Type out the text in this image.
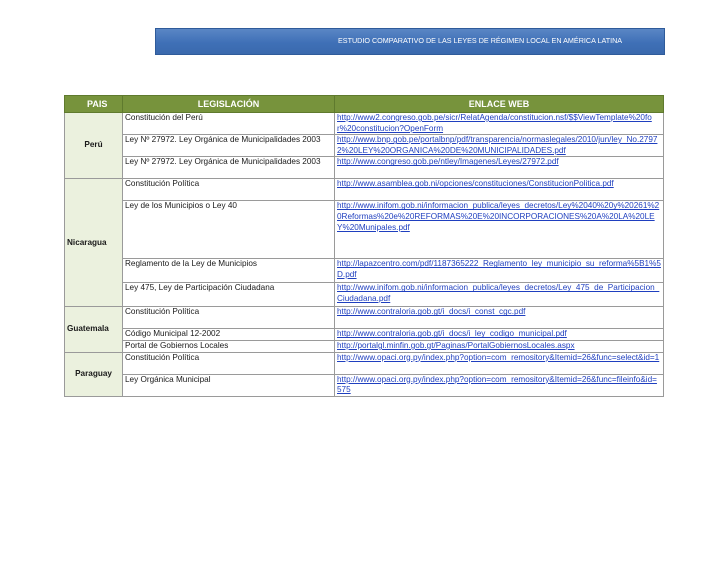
ESTUDIO COMPARATIVO DE LAS LEYES DE RÉGIMEN LOCAL EN AMÉRICA LATINA
PAIS	LEGISLACIÓN	ENLACE WEB
Perú	Constitución del Perú	http://www2.congreso.gob.pe/sicr/RelatAgenda/constitucion.nsf/$$ViewTemplate%20for%20constitucion?OpenForm
	Ley Nº 27972. Ley Orgánica de Municipalidades 2003	http://www.bnp.gob.pe/portalbnp/pdf/transparencia/normaslegales/2010/jun/ley_No.27972%20LEY%20ORGANICA%20DE%20MUNICIPALIDADES.pdf
	Ley Nº 27972. Ley Orgánica de Municipalidades 2003	http://www.congreso.gob.pe/ntley/Imagenes/Leyes/27972.pdf
Nicaragua	Constitución Política	http://www.asamblea.gob.ni/opciones/constituciones/ConstitucionPolitica.pdf
	Ley de los Municipios o Ley 40	http://www.inifom.gob.ni/informacion_publica/leyes_decretos/Ley%2040%20y%20261%20Reformas%20e%20REFORMAS%20E%20INCORPORACIONES%20A%20LA%20LEY%20Munipales.pdf
	Reglamento de la Ley de Municipios	http://lapazcentro.com/pdf/1187365222_Reglamento_ley_municipio_su_reforma%5B1%5D.pdf
	Ley 475, Ley de Participación Ciudadana	http://www.inifom.gob.ni/informacion_publica/leyes_decretos/Ley_475_de_Participacion_Ciudadana.pdf
Guatemala	Constitución Política	http://www.contraloria.gob.gt/i_docs/i_const_cgc.pdf
	Código Municipal 12-2002	http://www.contraloria.gob.gt/i_docs/i_ley_codigo_municipal.pdf
	Portal de Gobiernos Locales	http://portalgl.minfin.gob.gt/Paginas/PortalGobiernosLocales.aspx
Paraguay	Constitución Política	http://www.opaci.org.py/index.php?option=com_remository&Itemid=26&func=select&id=1
	Ley Orgánica Municipal	http://www.opaci.org.py/index.php?option=com_remository&Itemid=26&func=fileinfo&id=575
